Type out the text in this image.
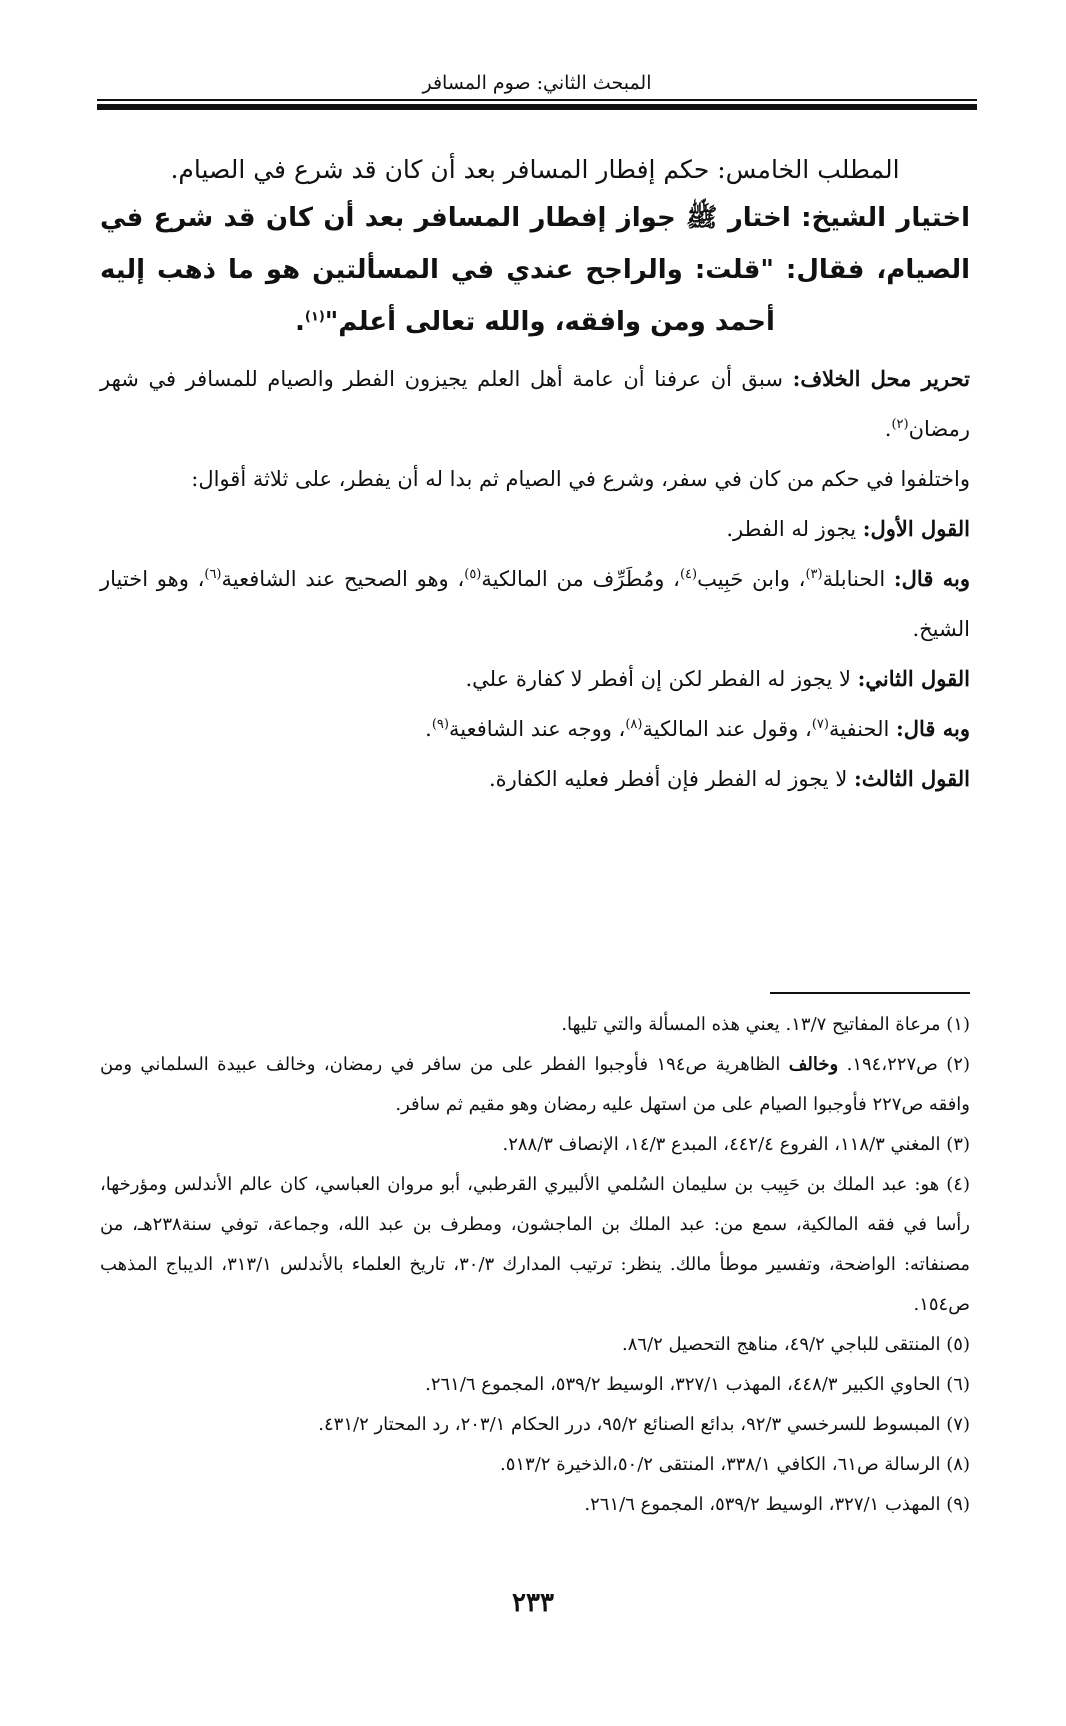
المبحث الثاني: صوم المسافر

المطلب الخامس: حكم إفطار المسافر بعد أن كان قد شرع في الصيام.

اختيار الشيخ: اختار ﷺ جواز إفطار المسافر بعد أن كان قد شرع في الصيام، فقال: "قلت: والراجح عندي في المسألتين هو ما ذهب إليه أحمد ومن وافقه، والله تعالى أعلم"$^{(١)}$.

تحرير محل الخلاف: سبق أن عرفنا أن عامة أهل العلم يجيزون الفطر والصيام للمسافر في شهر رمضان$^{(٢)}$.

واختلفوا في حكم من كان في سفر، وشرع في الصيام ثم بدا له أن يفطر، على ثلاثة أقوال:

القول الأول: يجوز له الفطر.

وبه قال: الحنابلة$^{(٣)}$، وابن حَبِيب$^{(٤)}$، ومُطَرِّف من المالكية$^{(٥)}$، وهو الصحيح عند الشافعية$^{(٦)}$، وهو اختيار الشيخ.

القول الثاني: لا يجوز له الفطر لكن إن أفطر لا كفارة علي.

وبه قال: الحنفية$^{(٧)}$، وقول عند المالكية$^{(٨)}$، ووجه عند الشافعية$^{(٩)}$.

القول الثالث: لا يجوز له الفطر فإن أفطر فعليه الكفارة.

(١) مرعاة المفاتيح ١٣/٧. يعني هذه المسألة والتي تليها.

(٢) ص١٩٤،٢٢٧. وخالف الظاهرية ص١٩٤ فأوجبوا الفطر على من سافر في رمضان، وخالف عبيدة السلماني ومن وافقه ص٢٢٧ فأوجبوا الصيام على من استهل عليه رمضان وهو مقيم ثم سافر.

(٣) المغني ١١٨/٣، الفروع ٤٤٢/٤، المبدع ١٤/٣، الإنصاف ٢٨٨/٣.

(٤) هو: عبد الملك بن حَبِيب بن سليمان السُلمي الألبيري القرطبي، أبو مروان العباسي، كان عالم الأندلس ومؤرخها، رأسا في فقه المالكية، سمع من: عبد الملك بن الماجشون، ومطرف بن عبد الله، وجماعة، توفي سنة٢٣٨هـ، من مصنفاته: الواضحة، وتفسير موطأ مالك. ينظر: ترتيب المدارك ٣٠/٣، تاريخ العلماء بالأندلس ٣١٣/١، الديباج المذهب ص١٥٤.

(٥) المنتقى للباجي ٤٩/٢، مناهج التحصيل ٨٦/٢.

(٦) الحاوي الكبير ٤٤٨/٣، المهذب ٣٢٧/١، الوسيط ٥٣٩/٢، المجموع ٢٦١/٦.

(٧) المبسوط للسرخسي ٩٢/٣، بدائع الصنائع ٩٥/٢، درر الحكام ٢٠٣/١، رد المحتار ٤٣١/٢.

(٨) الرسالة ص٦١، الكافي ٣٣٨/١، المنتقى ٥٠/٢،الذخيرة ٥١٣/٢.

(٩) المهذب ٣٢٧/١، الوسيط ٥٣٩/٢، المجموع ٢٦١/٦.

٢٣٣
